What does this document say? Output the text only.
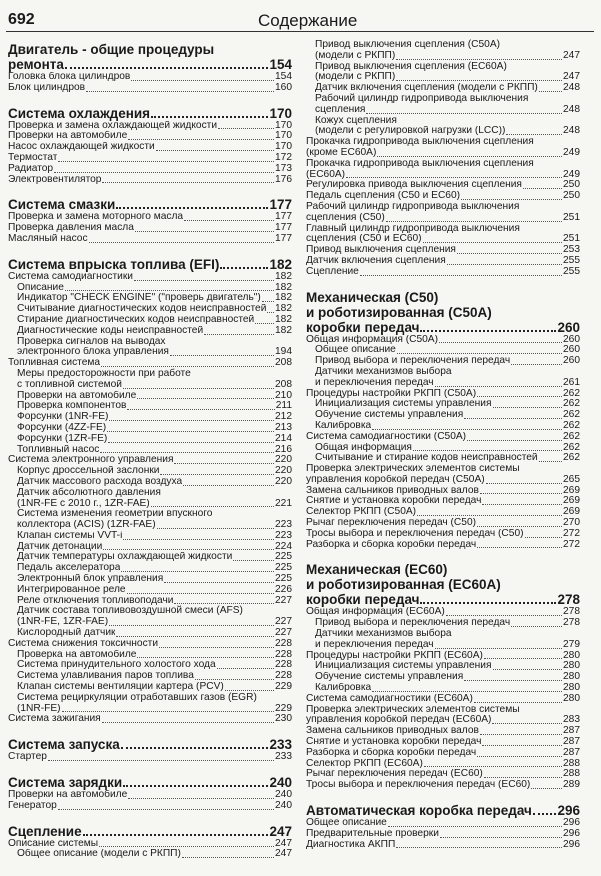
692	Содержание
Двигатель - общие процедуры
ремонта	154
Головка блока цилиндров	154
Блок цилиндров	160
Система охлаждения	170
Проверка и замена охлаждающей жидкости	170
Проверки на автомобиле	170
Насос охлаждающей жидкости	170
Термостат	172
Радиатор	173
Электровентилятор	176
Система смазки	177
Проверка и замена моторного масла	177
Проверка давления масла	177
Масляный насос	177
Система впрыска топлива (EFI)	182
Система самодиагностики	182
Описание	182
Индикатор "CHECK ENGINE" ("проверь двигатель") 182
Считывание диагностических кодов неисправностей 182
Стирание диагностических кодов неисправностей 182
Диагностические коды неисправностей	182
Проверка сигналов на выводах
электронного блока управления	194
Топливная система	208
Меры предосторожности при работе
с топливной системой	208
Проверки на автомобиле	210
Проверка компонентов	211
Форсунки (1NR-FE)	212
Форсунки (4ZZ-FE)	213
Форсунки (1ZR-FE)	214
Топливный насос	216
Система электронного управления	220
Корпус дроссельной заслонки	220
Датчик массового расхода воздуха	220
Датчик абсолютного давления
(1NR-FE с 2010 г., 1ZR-FAE)	221
Система изменения геометрии впускного
коллектора (ACIS) (1ZR-FAE)	223
Клапан системы VVT-i	223
Датчик детонации	224
Датчик температуры охлаждающей жидкости	225
Педаль акселератора	225
Электронный блок управления	225
Интегрированное реле	226
Реле отключения топливоподачи	227
Датчик состава топливовоздушной смеси (AFS)
(1NR-FE, 1ZR-FAE)	227
Кислородный датчик	227
Система снижения токсичности	228
Проверка на автомобиле	228
Система принудительного холостого хода	228
Система улавливания паров топлива	228
Клапан системы вентиляции картера (PCV)	229
Система рециркуляции отработавших газов (EGR)
(1NR-FE)	229
Система зажигания	230
Система запуска	233
Стартер	233
Система зарядки	240
Проверки на автомобиле	240
Генератор	240
Сцепление	247
Описание системы	247
Общее описание (модели с РКПП)	247
Привод выключения сцепления (C50A)
(модели с РКПП)	247
Привод выключения сцепления (EC60A)
(модели с РКПП)	247
Датчик включения сцепления (модели с РКПП) 248
Рабочий цилиндр гидропривода выключения
сцепления	248
Кожух сцепления
(модели с регулировкой нагрузки (LCC))	248
Прокачка гидропривода выключения сцепления
(кроме EC60A)	249
Прокачка гидропривода выключения сцепления
(EC60A)	249
Регулировка привода выключения сцепления	250
Педаль сцепления (C50 и EC60)	250
Рабочий цилиндр гидропривода выключения
сцепления (C50)	251
Главный цилиндр гидропривода выключения
сцепления (C50 и EC60)	251
Привод выключения сцепления	253
Датчик включения сцепления	255
Сцепление	255
Механическая (C50)
и роботизированная (C50A)
коробки передач	260
Общая информация (C50A)	260
Общее описание	260
Привод выбора и переключения передач	260
Датчики механизмов выбора
и переключения передач	261
Процедуры настройки РКПП (C50A)	262
Инициализация системы управления	262
Обучение системы управления	262
Калибровка	262
Система самодиагностики (C50A)	262
Общая информация	262
Считывание и стирание кодов неисправностей 262
Проверка электрических элементов системы
управления коробкой передач (C50A)	265
Замена сальников приводных валов	269
Снятие и установка коробки передач	269
Селектор РКПП (C50A)	269
Рычаг переключения передач (C50)	270
Тросы выбора и переключения передач (C50)	272
Разборка и сборка коробки передач	272
Механическая (EC60)
и роботизированная (EC60A)
коробки передач	278
Общая информация (EC60A)	278
Привод выбора и переключения передач	278
Датчики механизмов выбора
и переключения передач	279
Процедуры настройки РКПП (EC60A)	280
Инициализация системы управления	280
Обучение системы управления	280
Калибровка	280
Система самодиагностики (EC60A)	280
Проверка электрических элементов системы
управления коробкой передач (EC60A)	283
Замена сальников приводных валов	287
Снятие и установка коробки передач	287
Разборка и сборка коробки передач	287
Селектор РКПП (EC60A)	288
Рычаг переключения передач (EC60)	288
Тросы выбора и переключения передач (EC60)	289
Автоматическая коробка передач 296
Общее описание	296
Предварительные проверки	296
Диагностика АКПП	296
